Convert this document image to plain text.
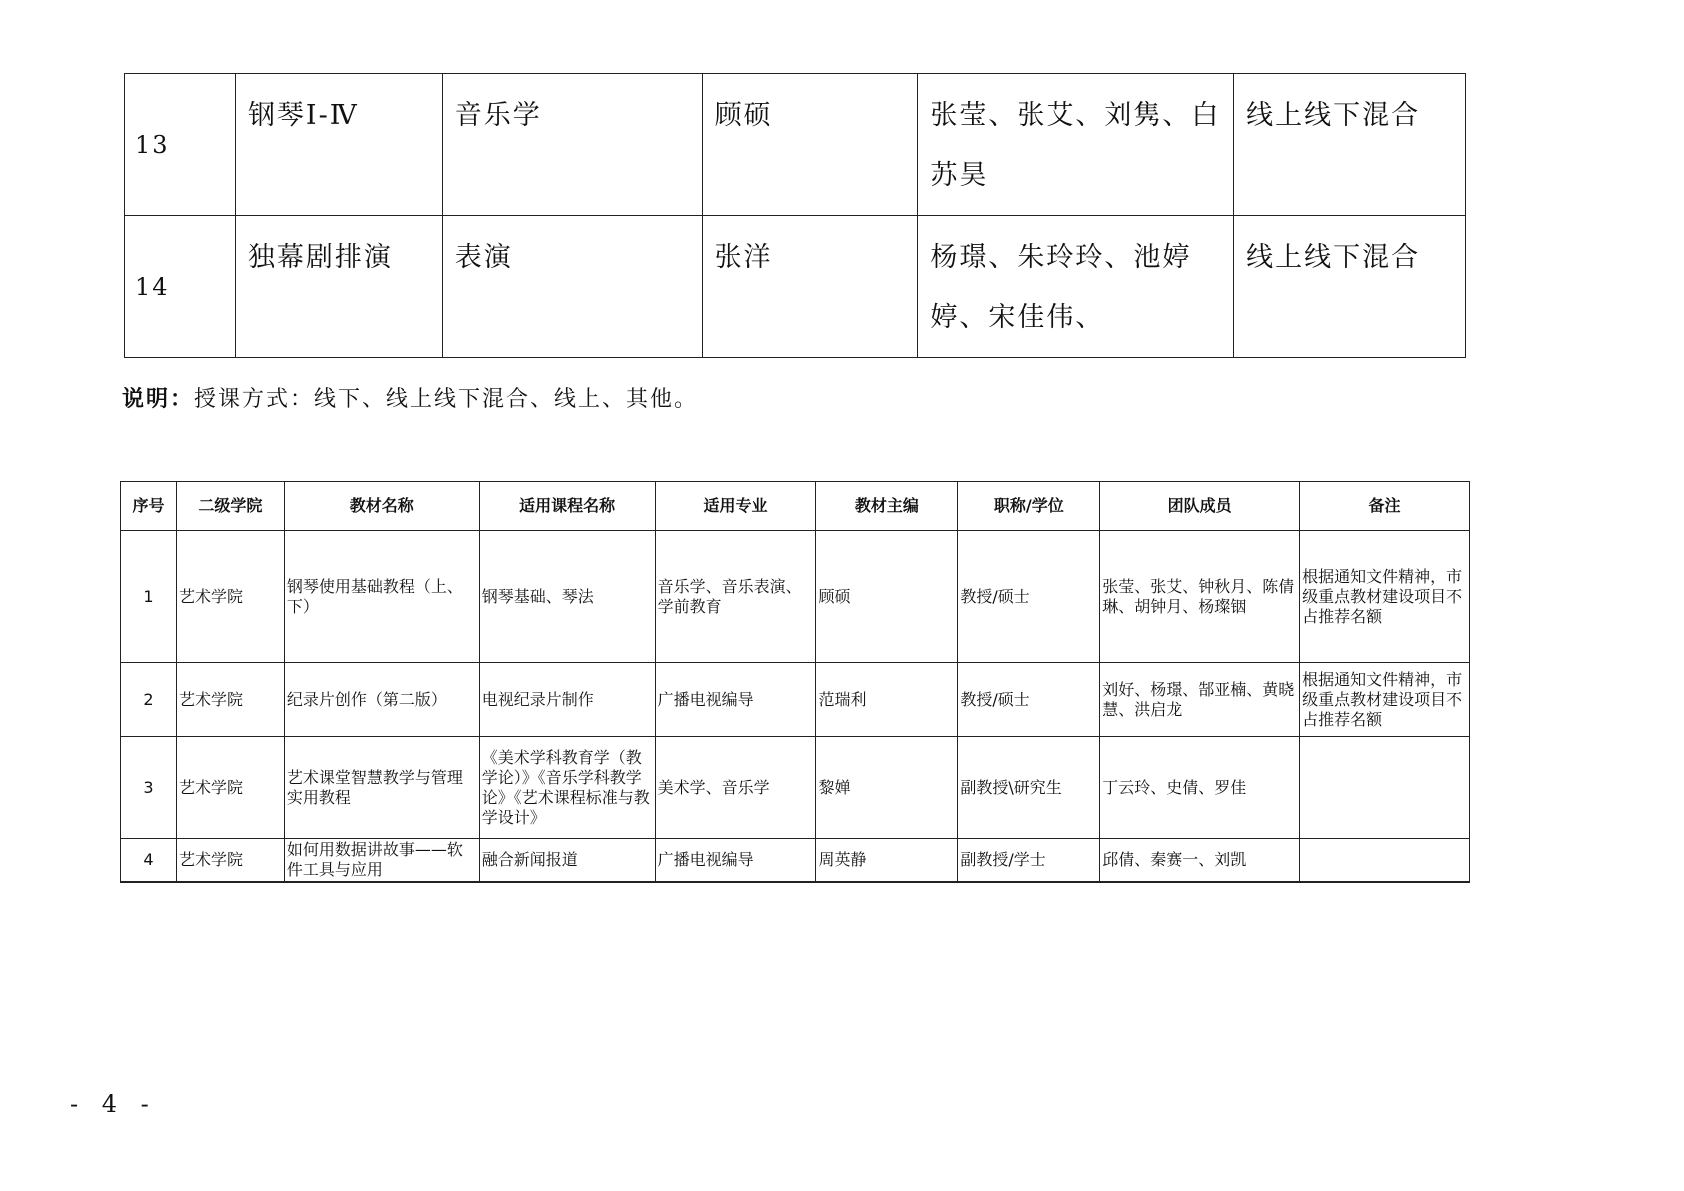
13	钢琴Ⅰ-Ⅳ	音乐学	顾硕	张莹、张艾、刘隽、白苏昊	线上线下混合
14	独幕剧排演	表演	张洋	杨璟、朱玲玲、池婷婷、宋佳伟、	线上线下混合
说明：授课方式：线下、线上线下混合、线上、其他。
序号	二级学院	教材名称	适用课程名称	适用专业	教材主编	职称/学位	团队成员	备注
1	艺术学院	钢琴使用基础教程（上、下）	钢琴基础、琴法	音乐学、音乐表演、学前教育	顾硕	教授/硕士	张莹、张艾、钟秋月、陈倩琳、胡钟月、杨璨铟	根据通知文件精神，市级重点教材建设项目不占推荐名额
2	艺术学院	纪录片创作（第二版）	电视纪录片制作	广播电视编导	范瑞利	教授/硕士	刘好、杨璟、郜亚楠、黄晓慧、洪启龙	根据通知文件精神，市级重点教材建设项目不占推荐名额
3	艺术学院	艺术课堂智慧教学与管理实用教程	《美术学科教育学（教学论）》《音乐学科教学论》《艺术课程标准与教学设计》	美术学、音乐学	黎婵	副教授\研究生	丁云玲、史倩、罗佳	
4	艺术学院	如何用数据讲故事——软件工具与应用	融合新闻报道	广播电视编导	周英静	副教授/学士	邱倩、秦赛一、刘凯	
- 4 -
